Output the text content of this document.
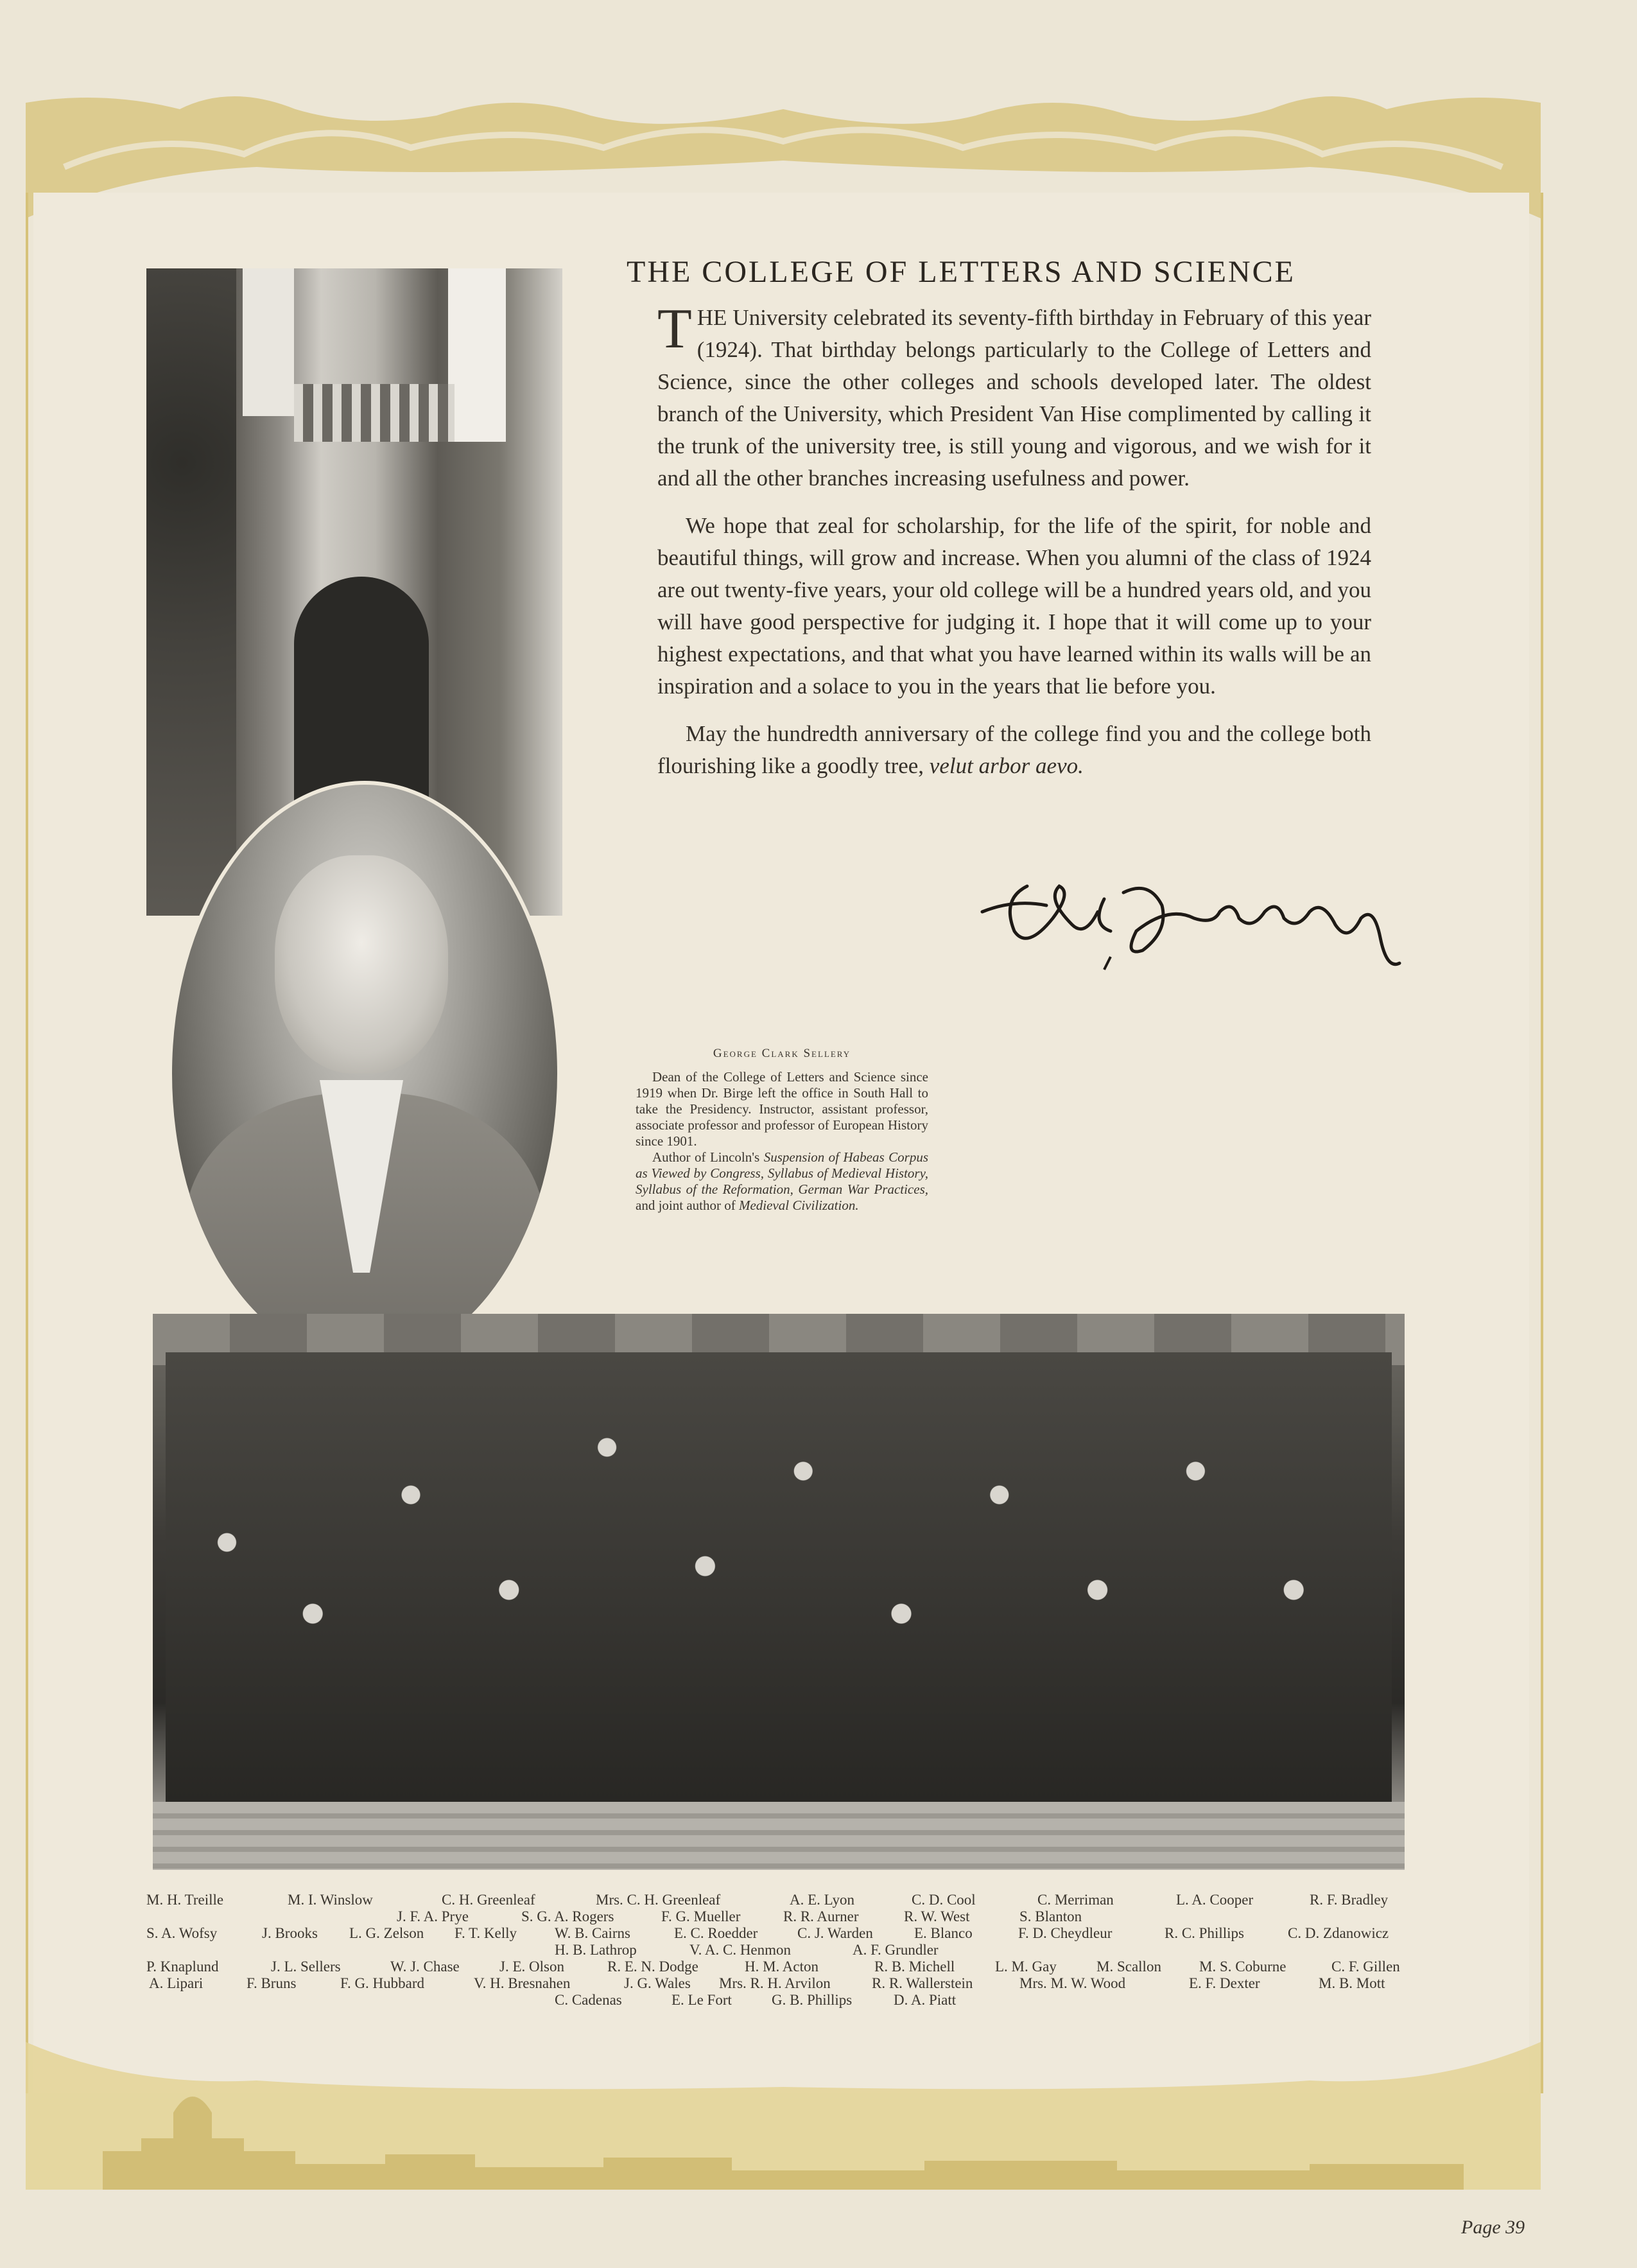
THE COLLEGE OF LETTERS AND SCIENCE

THE University celebrated its seventy-fifth birthday in February of this year (1924). That birthday belongs particularly to the College of Letters and Science, since the other colleges and schools developed later. The oldest branch of the University, which President Van Hise complimented by calling it the trunk of the university tree, is still young and vigorous, and we wish for it and all the other branches increasing usefulness and power.

We hope that zeal for scholarship, for the life of the spirit, for noble and beautiful things, will grow and increase. When you alumni of the class of 1924 are out twenty-five years, your old college will be a hundred years old, and you will have good perspective for judging it. I hope that it will come up to your highest expectations, and that what you have learned within its walls will be an inspiration and a solace to you in the years that lie before you.

May the hundredth anniversary of the college find you and the college both flourishing like a goodly tree, velut arbor aevo.

George Clark Sellery

Dean of the College of Letters and Science since 1919 when Dr. Birge left the office in South Hall to take the Presidency. Instructor, assistant professor, associate professor and professor of European History since 1901.

Author of Lincoln's Suspension of Habeas Corpus as Viewed by Congress, Syllabus of Medieval History, Syllabus of the Reformation, German War Practices, and joint author of Medieval Civilization.

M. H. Treille	M. I. Winslow	C. H. Greenleaf	Mrs. C. H. Greenleaf	A. E. Lyon	C. D. Cool	C. Merriman	L. A. Cooper	R. F. Bradley
J. F. A. Prye	S. G. A. Rogers	F. G. Mueller	R. R. Aurner	R. W. West	S. Blanton
S. A. Wofsy	J. Brooks L. G. Zelson F. T. Kelly	W. B. Cairns	E. C. Roedder	C. J. Warden	E. Blanco	F. D. Cheydleur	R. C. Phillips	C. D. Zdanowicz
H. B. Lathrop	V. A. C. Henmon	A. F. Grundler
P. Knaplund	J. L. Sellers	W. J. Chase	J. E. Olson	R. E. N. Dodge	H. M. Acton	R. B. Michell	L. M. Gay	M. Scallon	M. S. Coburne	C. F. Gillen
A. Lipari	F. Bruns	F. G. Hubbard	V. H. Bresnahen	J. G. Wales Mrs. R. H. Arvilon	R. R. Wallerstein	Mrs. M. W. Wood	E. F. Dexter	M. B. Mott
C. Cadenas	E. Le Fort	G. B. Phillips	D. A. Piatt
Page 39
